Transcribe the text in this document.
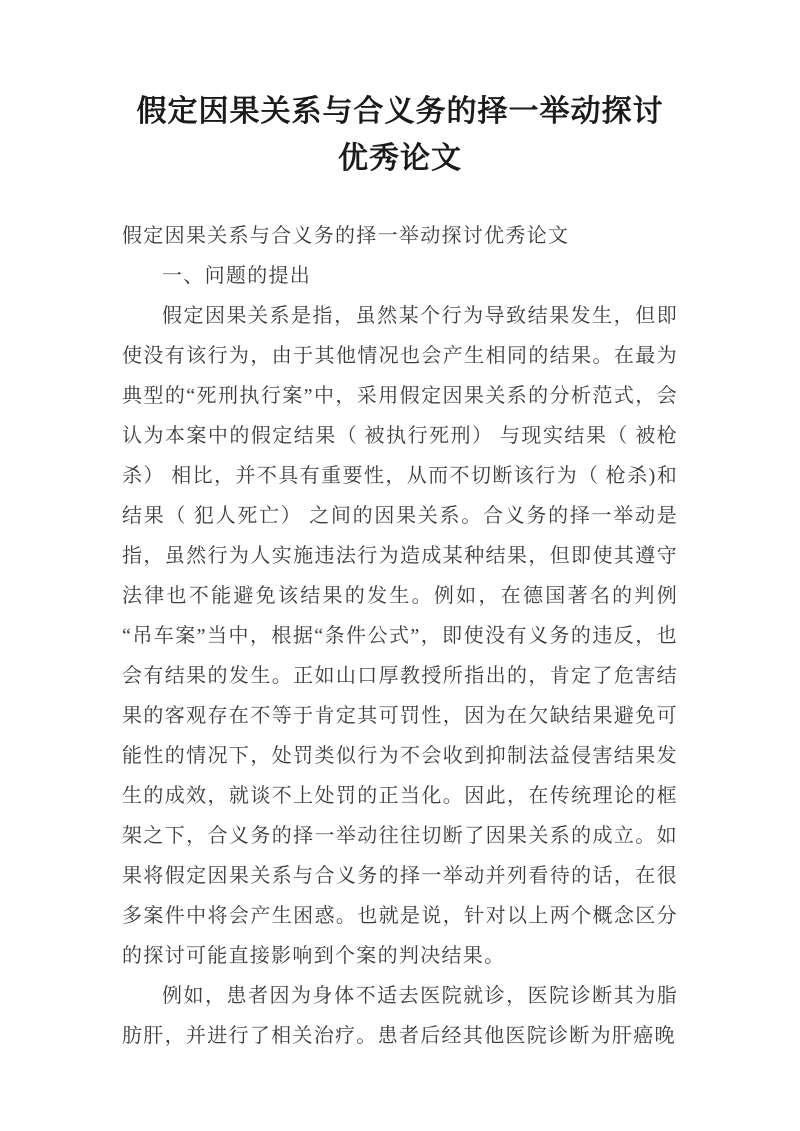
假定因果关系与合义务的择一举动探讨优秀论文

假定因果关系与合义务的择一举动探讨优秀论文

一、问题的提出

假定因果关系是指，虽然某个行为导致结果发生，但即使没有该行为，由于其他情况也会产生相同的结果。在最为典型的“死刑执行案”中，采用假定因果关系的分析范式，会认为本案中的假定结果（ 被执行死刑） 与现实结果（ 被枪杀） 相比，并不具有重要性，从而不切断该行为（ 枪杀)和结果（ 犯人死亡） 之间的因果关系。合义务的择一举动是指，虽然行为人实施违法行为造成某种结果，但即使其遵守法律也不能避免该结果的发生。例如，在德国著名的判例“吊车案”当中，根据“条件公式”，即使没有义务的违反，也会有结果的发生。正如山口厚教授所指出的，肯定了危害结果的客观存在不等于肯定其可罚性，因为在欠缺结果避免可能性的情况下，处罚类似行为不会收到抑制法益侵害结果发生的成效，就谈不上处罚的正当化。因此，在传统理论的框架之下，合义务的择一举动往往切断了因果关系的成立。如果将假定因果关系与合义务的择一举动并列看待的话，在很多案件中将会产生困惑。也就是说，针对以上两个概念区分的探讨可能直接影响到个案的判决结果。

例如，患者因为身体不适去医院就诊，医院诊断其为脂肪肝，并进行了相关治疗。患者后经其他医院诊断为肝癌晚
